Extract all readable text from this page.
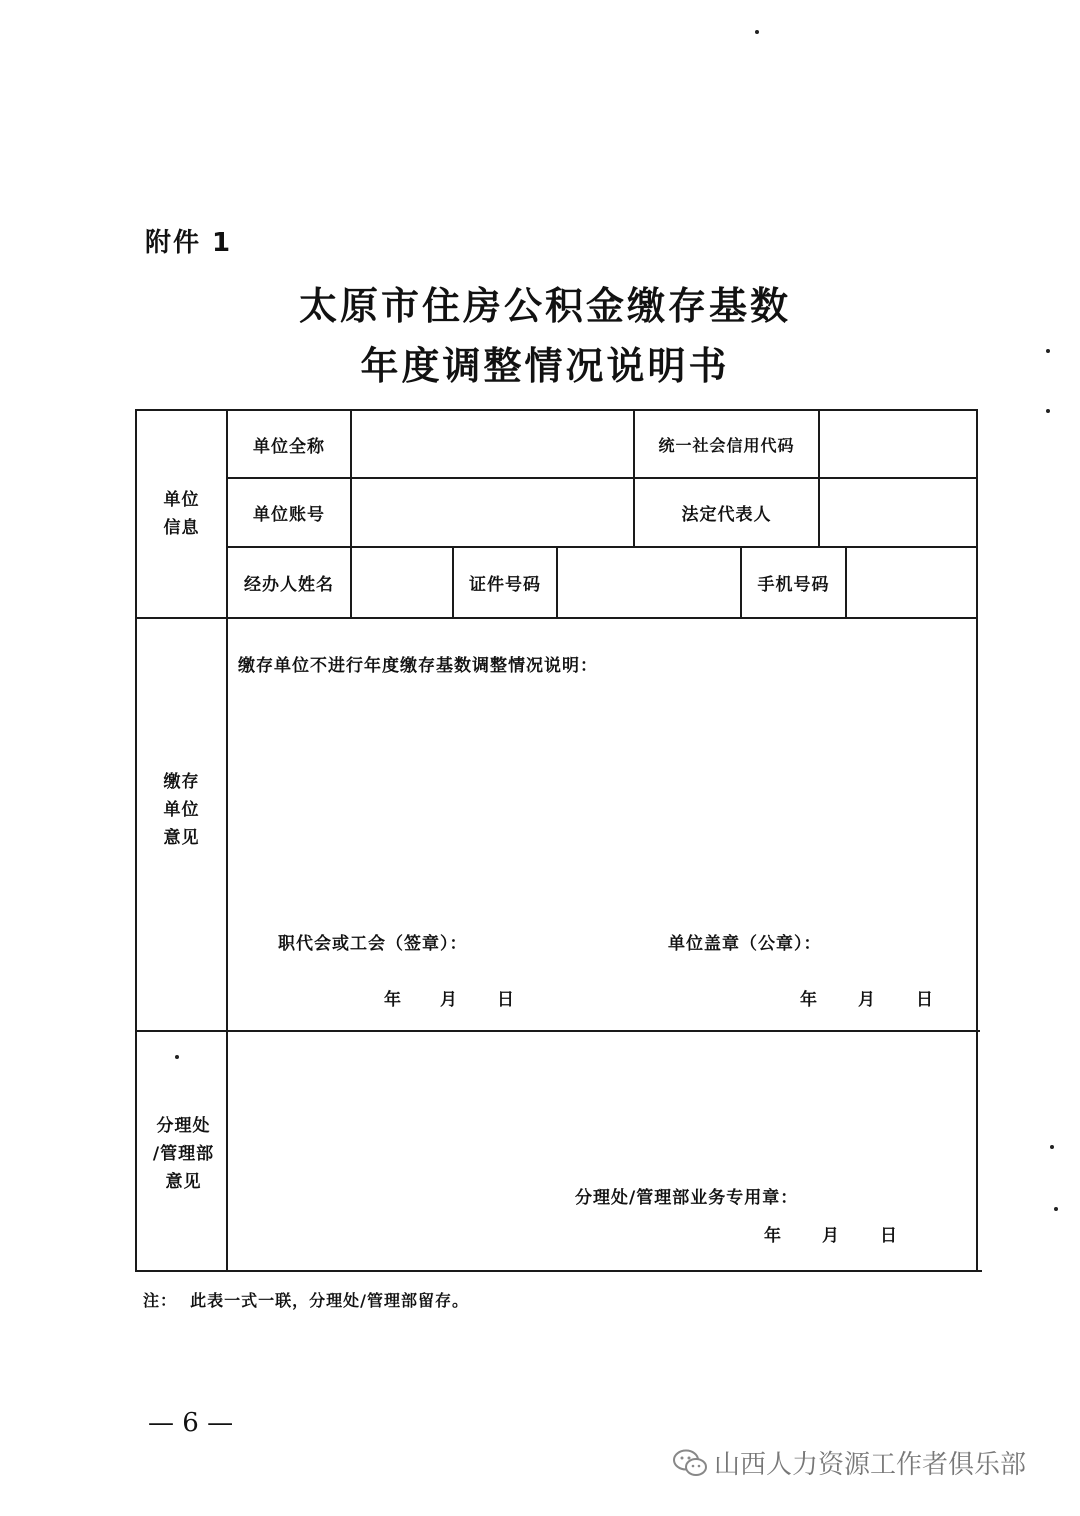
附件 1
太原市住房公积金缴存基数
年度调整情况说明书
单位
信息
单位全称	统一社会信用代码
单位账号	法定代表人
经办人姓名	证件号码	手机号码
缴存
单位
意见
缴存单位不进行年度缴存基数调整情况说明：
职代会或工会（签章）：	单位盖章（公章）：
年 月 日	年 月 日
分理处
/管理部
意见
分理处/管理部业务专用章：
年 月 日
注：  此表一式一联，分理处/管理部留存。
— 6 —
山西人力资源工作者俱乐部
